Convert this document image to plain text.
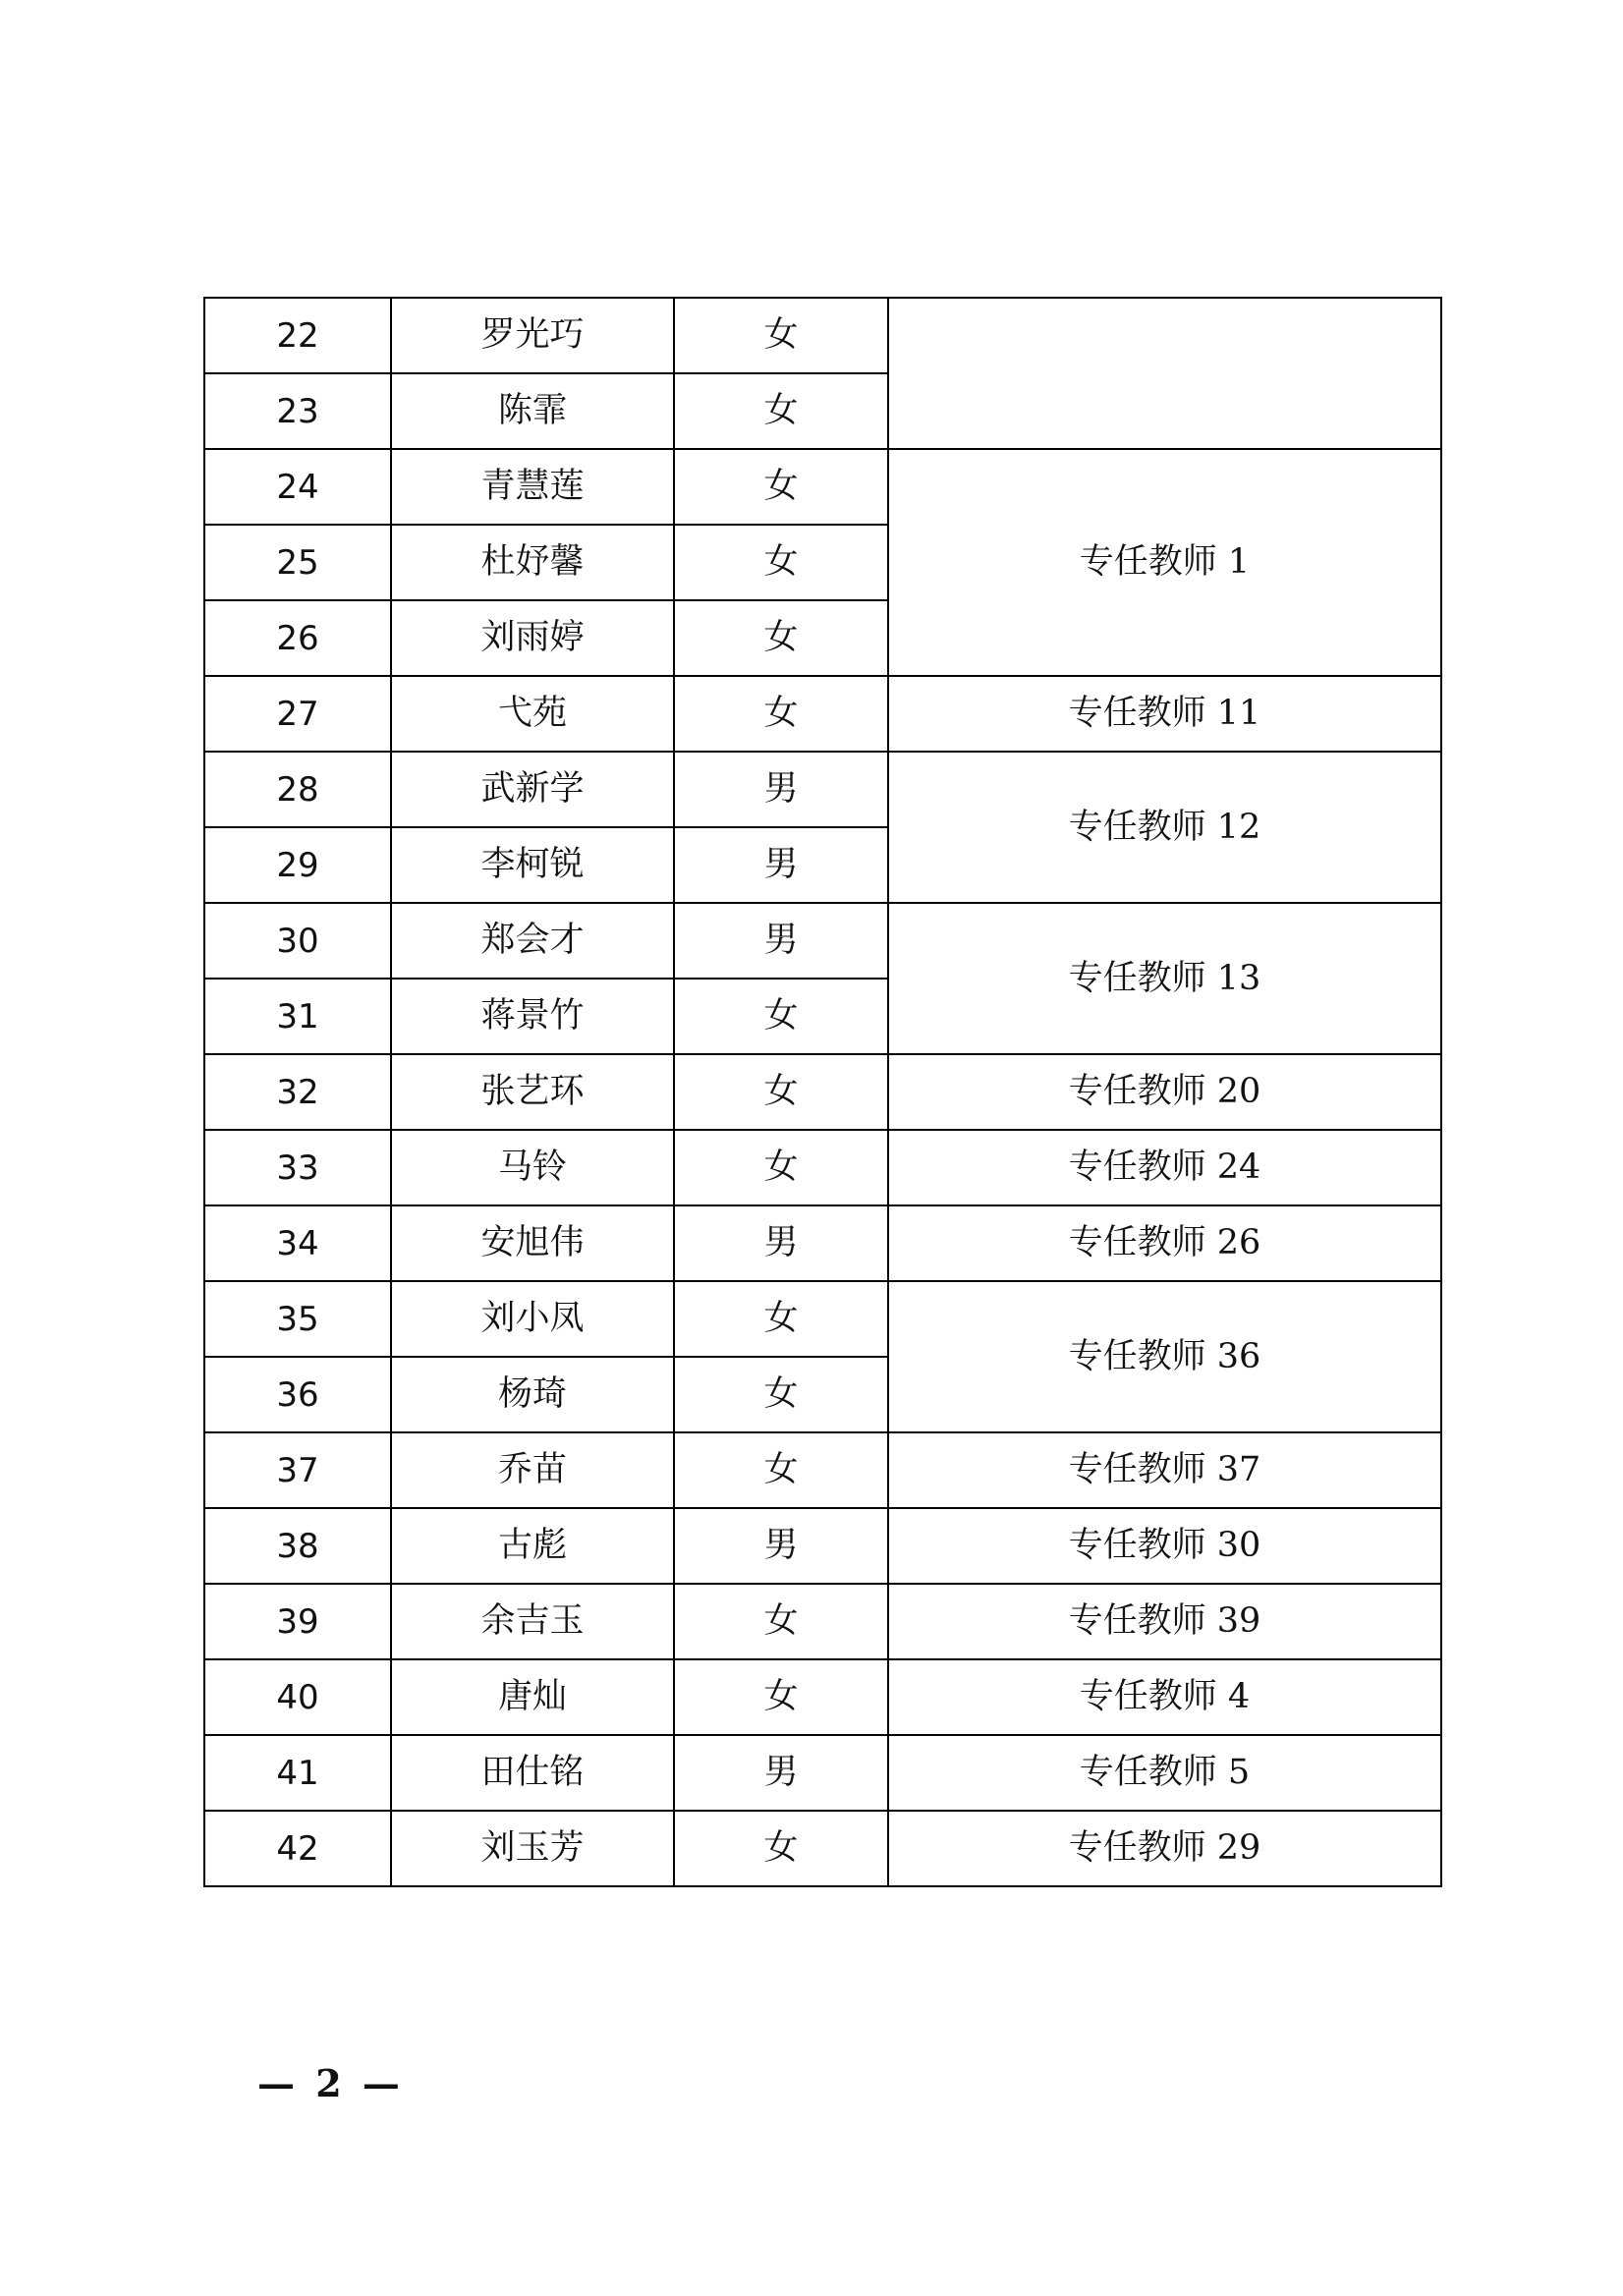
22	罗光巧	女	
23	陈霏	女	
24	青慧莲	女	专任教师 1
25	杜妤馨	女	
26	刘雨婷	女	
27	弋苑	女	专任教师 11
28	武新学	男	专任教师 12
29	李柯锐	男	
30	郑会才	男	专任教师 13
31	蒋景竹	女	
32	张艺环	女	专任教师 20
33	马铃	女	专任教师 24
34	安旭伟	男	专任教师 26
35	刘小凤	女	专任教师 36
36	杨琦	女	
37	乔苗	女	专任教师 37
38	古彪	男	专任教师 30
39	余吉玉	女	专任教师 39
40	唐灿	女	专任教师 4
41	田仕铭	男	专任教师 5
42	刘玉芳	女	专任教师 29
— 2 —
